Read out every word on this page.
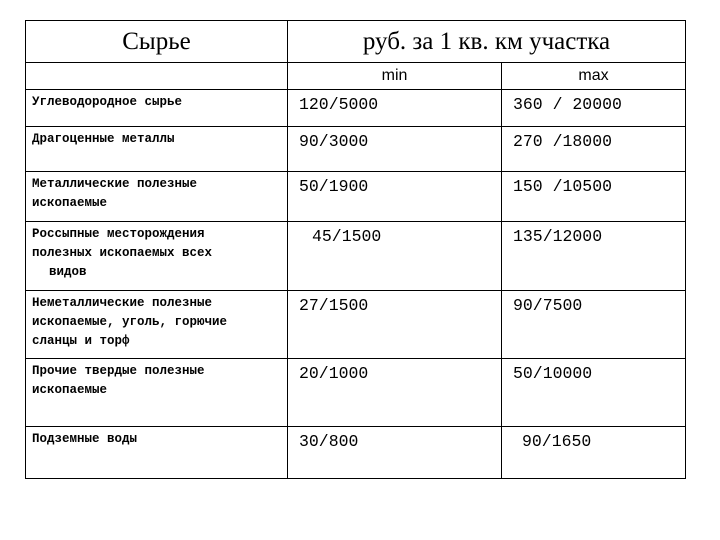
Сырье	руб. за 1 кв. км участка	
	min	max

Углеводородное сырье	120/5000	360 / 20000

Драгоценные металлы	90/3000	270 /18000

Металлические полезные
ископаемые	50/1900	150 /10500

Россыпные месторождения
полезных ископаемых всех
видов	45/1500	135/12000

Неметаллические полезные
ископаемые, уголь, горючие
сланцы и торф	27/1500	90/7500

Прочие твердые полезные
ископаемые	20/1000	50/10000

Подземные воды	30/800	90/1650
